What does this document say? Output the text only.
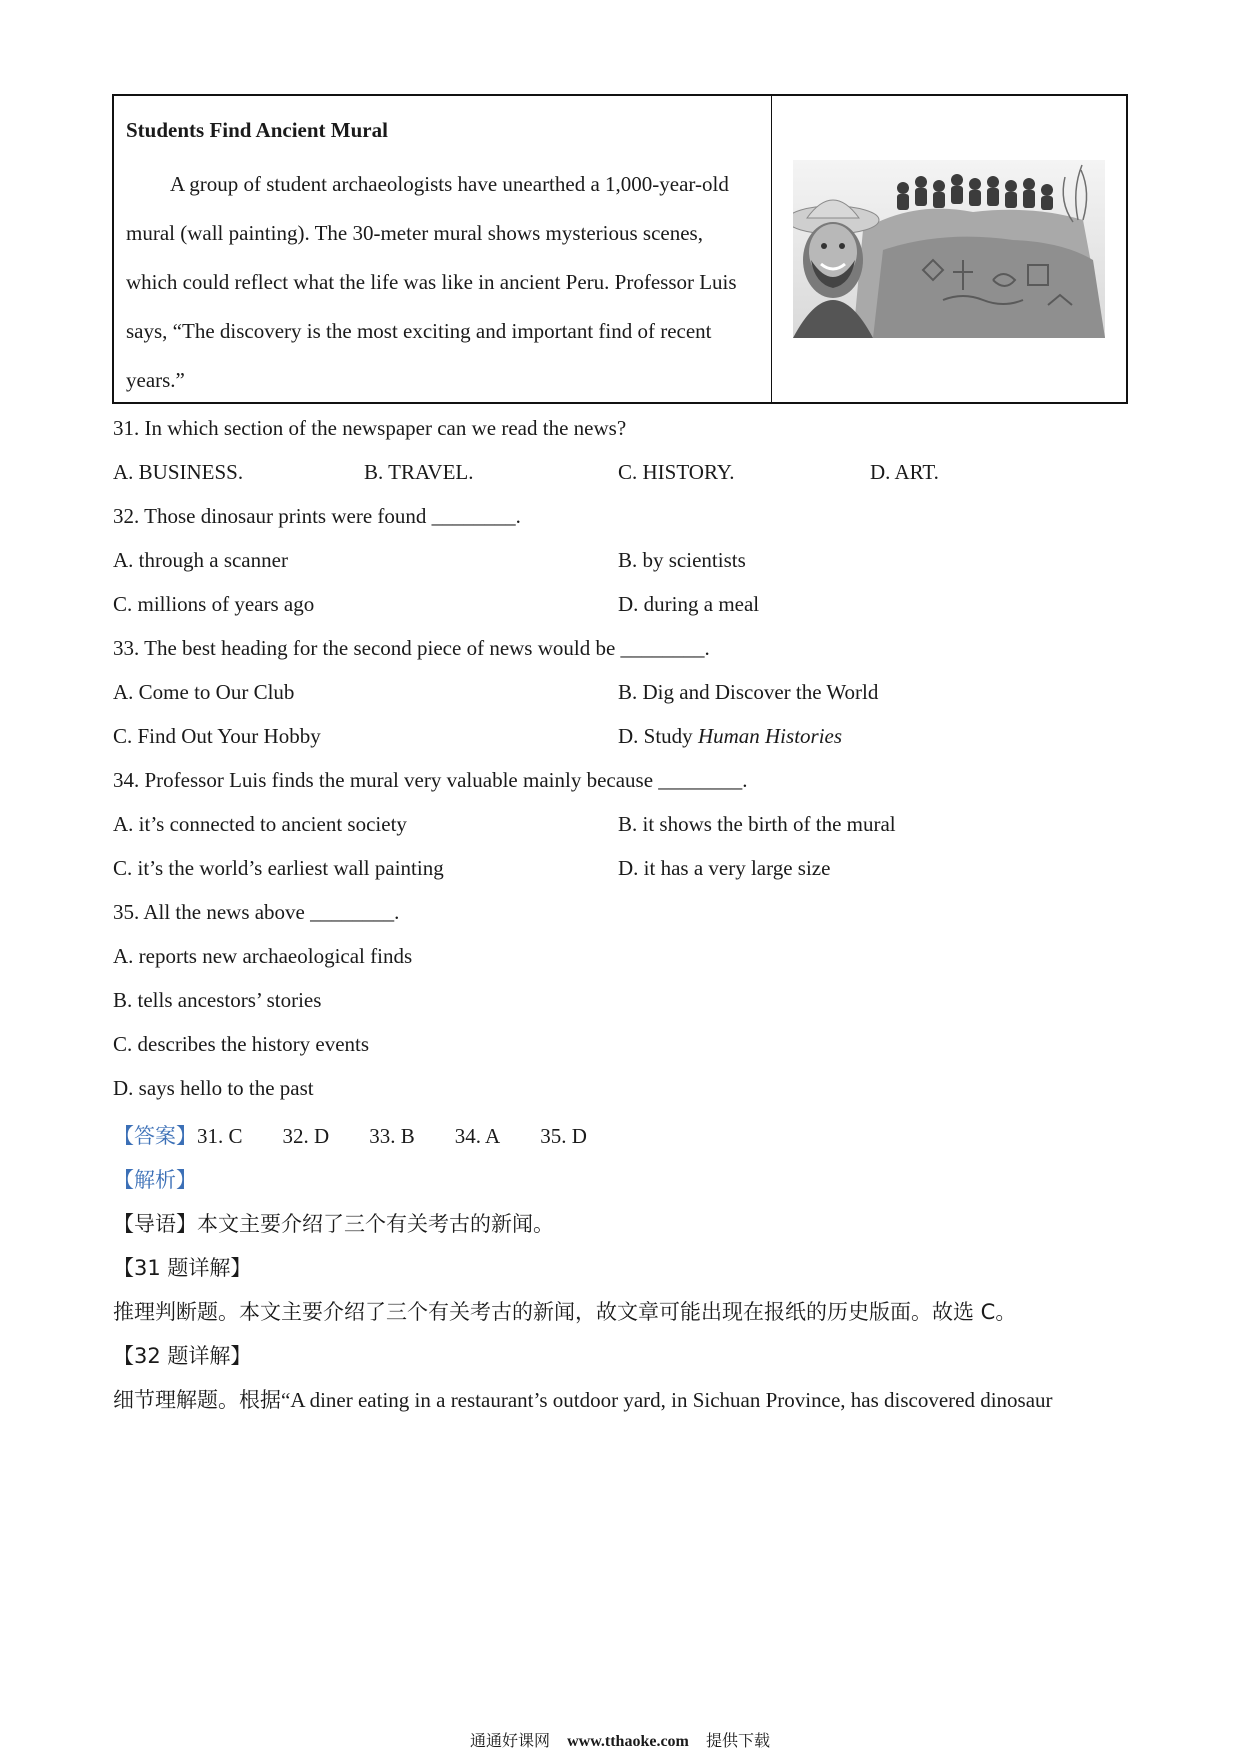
Students Find Ancient Mural
A group of student archaeologists have unearthed a 1,000-year-old mural (wall painting). The 30-meter mural shows mysterious scenes, which could reflect what the life was like in ancient Peru. Professor Luis says, “The discovery is the most exciting and important find of recent years.”
31. In which section of the newspaper can we read the news?
A. BUSINESS.	B. TRAVEL.	C. HISTORY.	D. ART.
32. Those dinosaur prints were found ________.
A. through a scanner	B. by scientists
C. millions of years ago	D. during a meal
33. The best heading for the second piece of news would be ________.
A. Come to Our Club	B. Dig and Discover the World
C. Find Out Your Hobby	D. Study Human Histories
34. Professor Luis finds the mural very valuable mainly because ________.
A. it’s connected to ancient society	B. it shows the birth of the mural
C. it’s the world’s earliest wall painting	D. it has a very large size
35. All the news above ________.
A. reports new archaeological finds
B. tells ancestors’ stories
C. describes the history events
D. says hello to the past
【答案】31. C 32. D 33. B 34. A 35. D
【解析】
【导语】本文主要介绍了三个有关考古的新闻。
【31 题详解】
推理判断题。本文主要介绍了三个有关考古的新闻，故文章可能出现在报纸的历史版面。故选 C。
【32 题详解】
细节理解题。根据“A diner eating in a restaurant’s outdoor yard, in Sichuan Province, has discovered dinosaur
通通好课网 www.tthaoke.com 提供下载
